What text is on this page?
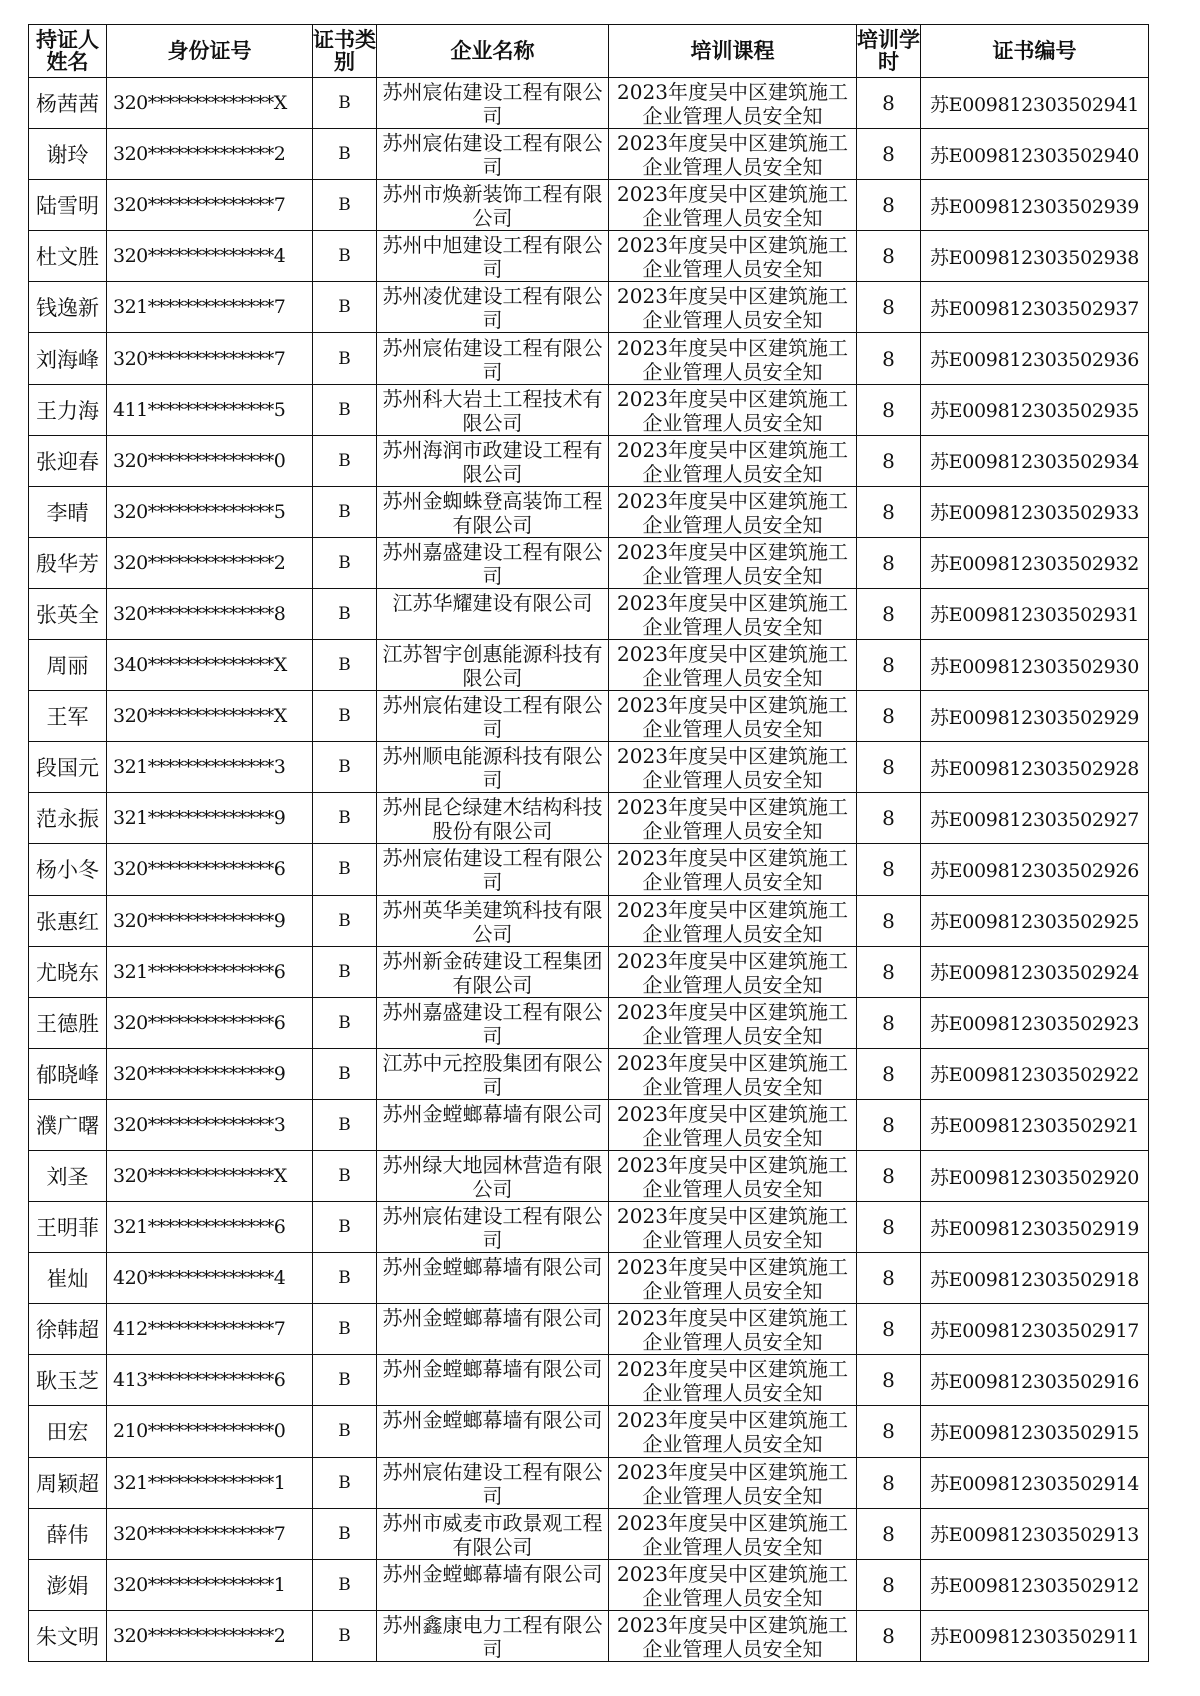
持证人姓名	身份证号	证书类别	企业名称	培训课程	培训学时	证书编号
杨茜茜	320**************X	B	苏州宸佑建设工程有限公司	2023年度吴中区建筑施工企业管理人员安全知	8	苏E009812303502941
谢玲	320**************2	B	苏州宸佑建设工程有限公司	2023年度吴中区建筑施工企业管理人员安全知	8	苏E009812303502940
陆雪明	320**************7	B	苏州市焕新装饰工程有限公司	2023年度吴中区建筑施工企业管理人员安全知	8	苏E009812303502939
杜文胜	320**************4	B	苏州中旭建设工程有限公司	2023年度吴中区建筑施工企业管理人员安全知	8	苏E009812303502938
钱逸新	321**************7	B	苏州凌优建设工程有限公司	2023年度吴中区建筑施工企业管理人员安全知	8	苏E009812303502937
刘海峰	320**************7	B	苏州宸佑建设工程有限公司	2023年度吴中区建筑施工企业管理人员安全知	8	苏E009812303502936
王力海	411**************5	B	苏州科大岩土工程技术有限公司	2023年度吴中区建筑施工企业管理人员安全知	8	苏E009812303502935
张迎春	320**************0	B	苏州海润市政建设工程有限公司	2023年度吴中区建筑施工企业管理人员安全知	8	苏E009812303502934
李晴	320**************5	B	苏州金蜘蛛登高装饰工程有限公司	2023年度吴中区建筑施工企业管理人员安全知	8	苏E009812303502933
殷华芳	320**************2	B	苏州嘉盛建设工程有限公司	2023年度吴中区建筑施工企业管理人员安全知	8	苏E009812303502932
张英全	320**************8	B	江苏华耀建设有限公司	2023年度吴中区建筑施工企业管理人员安全知	8	苏E009812303502931
周丽	340**************X	B	江苏智宇创惠能源科技有限公司	2023年度吴中区建筑施工企业管理人员安全知	8	苏E009812303502930
王军	320**************X	B	苏州宸佑建设工程有限公司	2023年度吴中区建筑施工企业管理人员安全知	8	苏E009812303502929
段国元	321**************3	B	苏州顺电能源科技有限公司	2023年度吴中区建筑施工企业管理人员安全知	8	苏E009812303502928
范永振	321**************9	B	苏州昆仑绿建木结构科技股份有限公司	2023年度吴中区建筑施工企业管理人员安全知	8	苏E009812303502927
杨小冬	320**************6	B	苏州宸佑建设工程有限公司	2023年度吴中区建筑施工企业管理人员安全知	8	苏E009812303502926
张惠红	320**************9	B	苏州英华美建筑科技有限公司	2023年度吴中区建筑施工企业管理人员安全知	8	苏E009812303502925
尤晓东	321**************6	B	苏州新金砖建设工程集团有限公司	2023年度吴中区建筑施工企业管理人员安全知	8	苏E009812303502924
王德胜	320**************6	B	苏州嘉盛建设工程有限公司	2023年度吴中区建筑施工企业管理人员安全知	8	苏E009812303502923
郁晓峰	320**************9	B	江苏中元控股集团有限公司	2023年度吴中区建筑施工企业管理人员安全知	8	苏E009812303502922
濮广曙	320**************3	B	苏州金螳螂幕墙有限公司	2023年度吴中区建筑施工企业管理人员安全知	8	苏E009812303502921
刘圣	320**************X	B	苏州绿大地园林营造有限公司	2023年度吴中区建筑施工企业管理人员安全知	8	苏E009812303502920
王明菲	321**************6	B	苏州宸佑建设工程有限公司	2023年度吴中区建筑施工企业管理人员安全知	8	苏E009812303502919
崔灿	420**************4	B	苏州金螳螂幕墙有限公司	2023年度吴中区建筑施工企业管理人员安全知	8	苏E009812303502918
徐韩超	412**************7	B	苏州金螳螂幕墙有限公司	2023年度吴中区建筑施工企业管理人员安全知	8	苏E009812303502917
耿玉芝	413**************6	B	苏州金螳螂幕墙有限公司	2023年度吴中区建筑施工企业管理人员安全知	8	苏E009812303502916
田宏	210**************0	B	苏州金螳螂幕墙有限公司	2023年度吴中区建筑施工企业管理人员安全知	8	苏E009812303502915
周颖超	321**************1	B	苏州宸佑建设工程有限公司	2023年度吴中区建筑施工企业管理人员安全知	8	苏E009812303502914
薛伟	320**************7	B	苏州市威麦市政景观工程有限公司	2023年度吴中区建筑施工企业管理人员安全知	8	苏E009812303502913
澎娟	320**************1	B	苏州金螳螂幕墙有限公司	2023年度吴中区建筑施工企业管理人员安全知	8	苏E009812303502912
朱文明	320**************2	B	苏州鑫康电力工程有限公司	2023年度吴中区建筑施工企业管理人员安全知	8	苏E009812303502911
